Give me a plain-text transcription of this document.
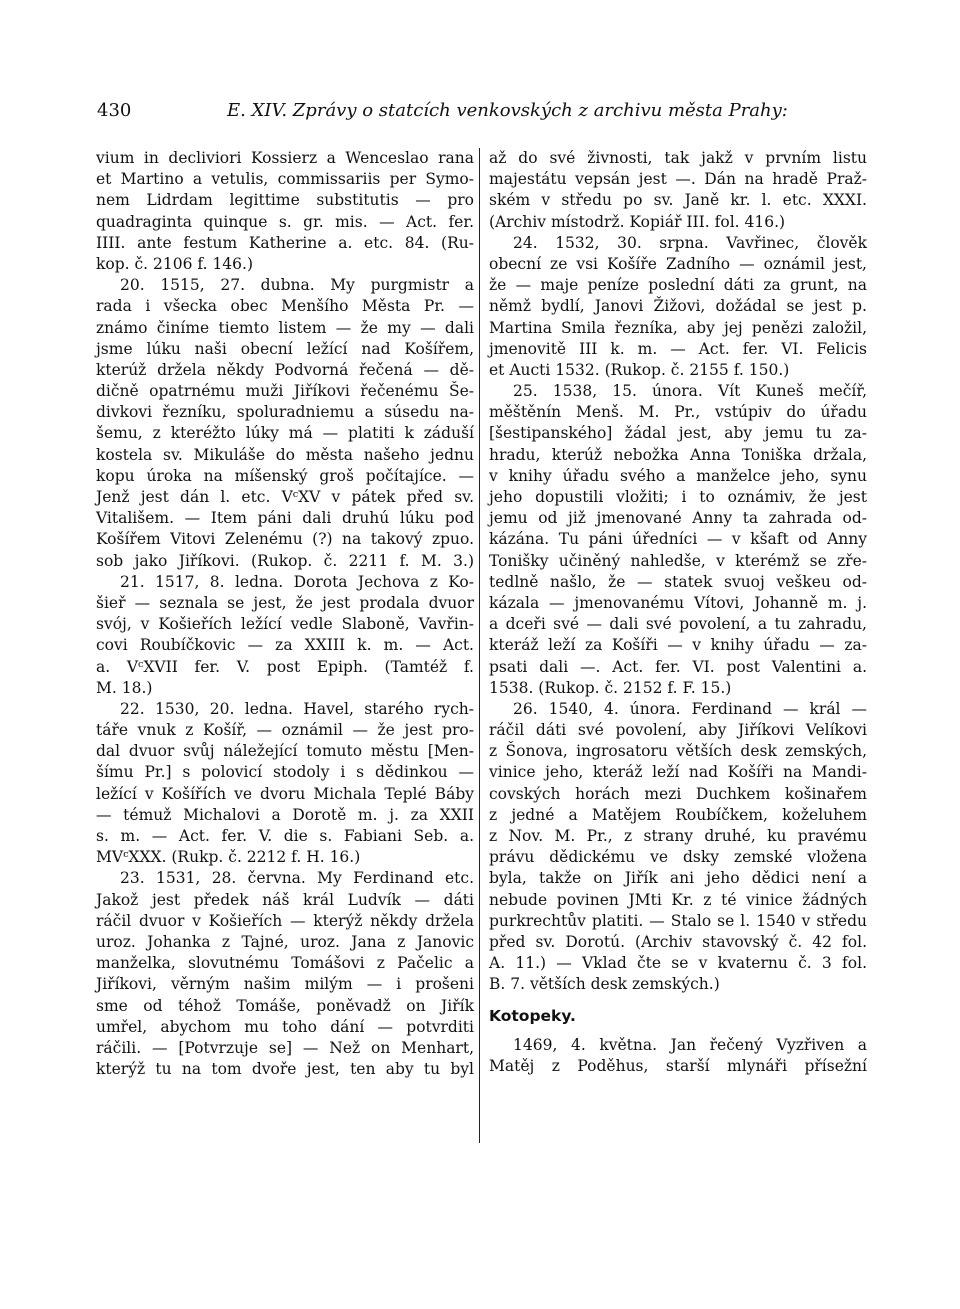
430	E. XIV. Zprávy o statcích venkovských z archivu města Prahy:
vium in decliviori Kossierz a Wenceslao rana
et Martino a vetulis, commissariis per Symo-
nem Lidrdam legittime substitutis — pro
quadraginta quinque s. gr. mis. — Act. fer.
IIII. ante festum Katherine a. etc. 84. (Ru-
kop. č. 2106 f. 146.)
20. 1515, 27. dubna. My purgmistr a
rada i všecka obec Menšího Města Pr. —
známo činíme tiemto listem — že my — dali
jsme lúku naši obecní ležící nad Košířem,
kterúž držela někdy Podvorná řečená — dě-
dičně opatrnému muži Jiříkovi řečenému Še-
divkovi řezníku, spoluradniemu a súsedu na-
šemu, z kteréžto lúky má — platiti k záduší
kostela sv. Mikuláše do města našeho jednu
kopu úroka na míšenský groš počítajíce. —
Jenž jest dán l. etc. VᶜXV v pátek před sv.
Vitališem. — Item páni dali druhú lúku pod
Košířem Vitovi Zelenému (?) na takový zpuo.
sob jako Jiříkovi. (Rukop. č. 2211 f. M. 3.)
21. 1517, 8. ledna. Dorota Jechova z Ko-
šieř — seznala se jest, že jest prodala dvuor
svój, v Košieřích ležící vedle Slaboně, Vavřin-
covi Roubíčkovic — za XXIII k. m. — Act.
a. VᶜXVII fer. V. post Epiph. (Tamtéž f.
M. 18.)
22. 1530, 20. ledna. Havel, starého rych-
táře vnuk z Košíř, — oznámil — že jest pro-
dal dvuor svůj náležející tomuto městu [Men-
šímu Pr.] s polovicí stodoly i s dědinkou —
ležící v Košířích ve dvoru Michala Teplé Báby
— témuž Michalovi a Dorotě m. j. za XXII
s. m. — Act. fer. V. die s. Fabiani Seb. a.
MVᶜXXX. (Rukp. č. 2212 f. H. 16.)
23. 1531, 28. června. My Ferdinand etc.
Jakož jest předek náš král Ludvík — dáti
ráčil dvuor v Košieřích — kterýž někdy držela
uroz. Johanka z Tajné, uroz. Jana z Janovic
manželka, slovutnému Tomášovi z Pačelic a
Jiříkovi, věrným našim milým — i prošeni
sme od téhož Tomáše, poněvadž on Jiřík
umřel, abychom mu toho dání — potvrditi
ráčili. — [Potvrzuje se] — Než on Menhart,
kterýž tu na tom dvoře jest, ten aby tu byl
až do své živnosti, tak jakž v prvním listu
majestátu vepsán jest —. Dán na hradě Praž-
ském v středu po sv. Janě kr. l. etc. XXXI.
(Archiv místodrž. Kopiář III. fol. 416.)
24. 1532, 30. srpna. Vavřinec, člověk
obecní ze vsi Košíře Zadního — oznámil jest,
že — maje peníze poslední dáti za grunt, na
němž bydlí, Janovi Žižovi, dožádal se jest p.
Martina Smila řezníka, aby jej penězi založil,
jmenovitě III k. m. — Act. fer. VI. Felicis
et Aucti 1532. (Rukop. č. 2155 f. 150.)
25. 1538, 15. února. Vít Kuneš mečíř,
měštěnín Menš. M. Pr., vstúpiv do úřadu
[šestipanského] žádal jest, aby jemu tu za-
hradu, kterúž nebožka Anna Toniška držala,
v knihy úřadu svého a manželce jeho, synu
jeho dopustili vložiti; i to oznámiv, že jest
jemu od již jmenované Anny ta zahrada od-
kázána. Tu páni úředníci — v kšaft od Anny
Tonišky učiněný nahledše, v kterémž se zře-
tedlně našlo, že — statek svuoj veškeu od-
kázala — jmenovanému Vítovi, Johanně m. j.
a dceři své — dali své povolení, a tu zahradu,
kteráž leží za Košíři — v knihy úřadu — za-
psati dali —. Act. fer. VI. post Valentini a.
1538. (Rukop. č. 2152 f. F. 15.)
26. 1540, 4. února. Ferdinand — král —
ráčil dáti své povolení, aby Jiříkovi Velíkovi
z Šonova, ingrosatoru větších desk zemských,
vinice jeho, kteráž leží nad Košíři na Mandi-
covských horách mezi Duchkem košinařem
z jedné a Matějem Roubíčkem, koželuhem
z Nov. M. Pr., z strany druhé, ku pravému
právu dědickému ve dsky zemské vložena
byla, takže on Jiřík ani jeho dědici není a
nebude povinen JMti Kr. z té vinice žádných
purkrechtův platiti. — Stalo se l. 1540 v středu
před sv. Dorotú. (Archiv stavovský č. 42 fol.
A. 11.) — Vklad čte se v kvaternu č. 3 fol.
B. 7. větších desk zemských.)
Kotopeky.
1469, 4. května. Jan řečený Vyzřiven a
Matěj z Poděhus, starší mlynáři přísežní
